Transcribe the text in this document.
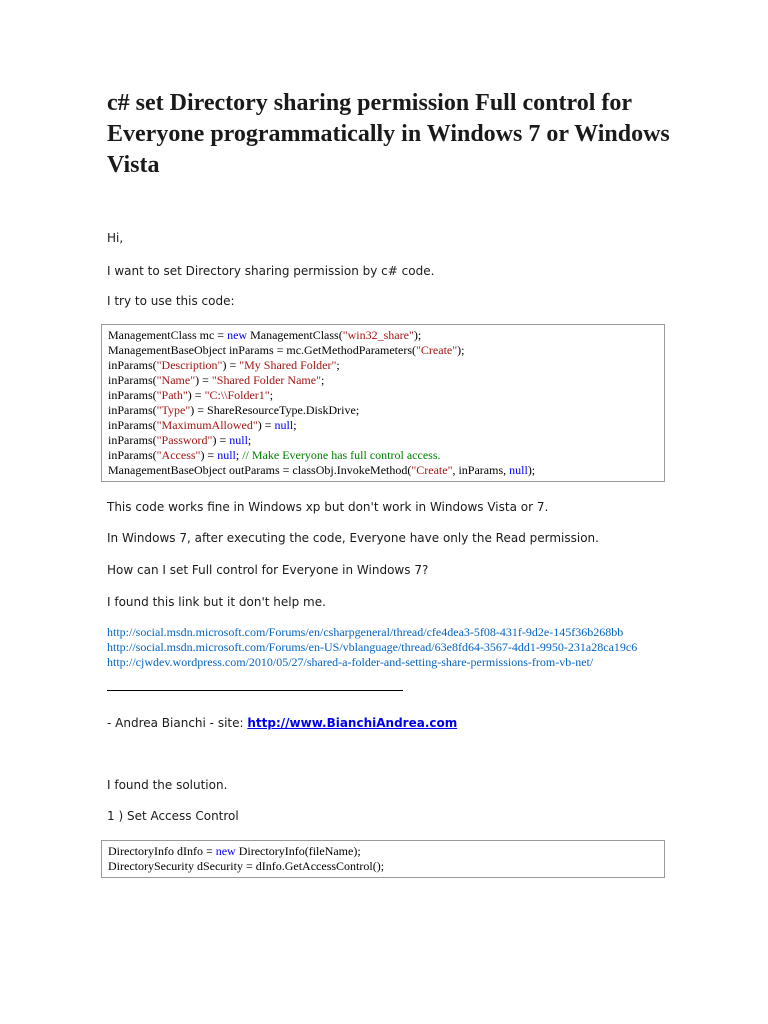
c# set Directory sharing permission Full control for Everyone programmatically in Windows 7 or Windows Vista

Hi,

I want to set Directory sharing permission by c# code.

I try to use this code:

ManagementClass mc = new ManagementClass("win32_share");
ManagementBaseObject inParams = mc.GetMethodParameters("Create");
inParams("Description") = "My Shared Folder";
inParams("Name") = "Shared Folder Name";
inParams("Path") = "C:\\Folder1";
inParams("Type") = ShareResourceType.DiskDrive;
inParams("MaximumAllowed") = null;
inParams("Password") = null;
inParams("Access") = null; // Make Everyone has full control access.
ManagementBaseObject outParams = classObj.InvokeMethod("Create", inParams, null);

This code works fine in Windows xp but don't work in Windows Vista or 7.

In Windows 7, after executing the code, Everyone have only the Read permission.

How can I set Full control for Everyone in Windows 7?

I found this link but it don't help me.

http://social.msdn.microsoft.com/Forums/en/csharpgeneral/thread/cfe4dea3-5f08-431f-9d2e-145f36b268bb
http://social.msdn.microsoft.com/Forums/en-US/vblanguage/thread/63e8fd64-3567-4dd1-9950-231a28ca19c6
http://cjwdev.wordpress.com/2010/05/27/shared-a-folder-and-setting-share-permissions-from-vb-net/
- Andrea Bianchi - site: http://www.BianchiAndrea.com

I found the solution.

1 ) Set Access Control

DirectoryInfo dInfo = new DirectoryInfo(fileName);
DirectorySecurity dSecurity = dInfo.GetAccessControl();
